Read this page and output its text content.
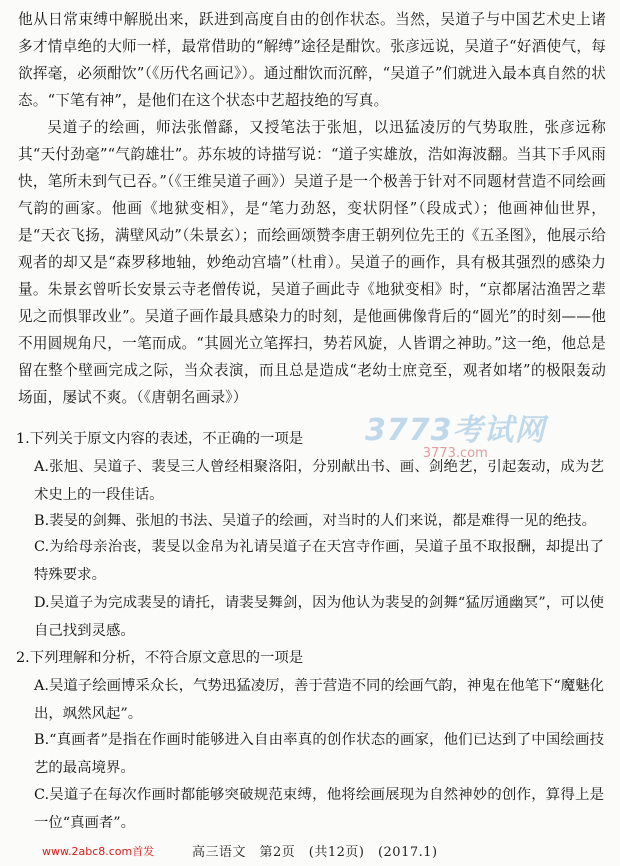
他从日常束缚中解脱出来，跃进到高度自由的创作状态。当然，吴道子与中国艺术史上诸多才情卓绝的大师一样，最常借助的“解缚”途径是酣饮。张彦远说，吴道子“好酒使气，每欲挥毫，必须酣饮”（《历代名画记》）。通过酣饮而沉醉，“吴道子”们就进入最本真自然的状态。“下笔有神”，是他们在这个状态中艺超技绝的写真。

吴道子的绘画，师法张僧繇，又授笔法于张旭，以迅猛凌厉的气势取胜，张彦远称其“天付劲毫”“气韵雄壮”。苏东坡的诗描写说：“道子实雄放，浩如海波翻。当其下手风雨快，笔所未到气已吞。”（《王维吴道子画》）吴道子是一个极善于针对不同题材营造不同绘画气韵的画家。他画《地狱变相》，是“笔力劲怒，变状阴怪”（段成式）；他画神仙世界，是“天衣飞扬，满壁风动”（朱景玄）；而绘画颂赞李唐王朝列位先王的《五圣图》，他展示给观者的却又是“森罗移地轴，妙绝动宫墙”（杜甫）。吴道子的画作，具有极其强烈的感染力量。朱景玄曾听长安景云寺老僧传说，吴道子画此寺《地狱变相》时，“京都屠沽渔罟之辈见之而惧罪改业”。吴道子画作最具感染力的时刻，是他画佛像背后的“圆光”的时刻——他不用圆规角尺，一笔而成。“其圆光立笔挥扫，势若风旋，人皆谓之神助。”这一绝，他总是留在整个壁画完成之际，当众表演，而且总是造成“老幼士庶竞至，观者如堵”的极限轰动场面，屡试不爽。（《唐朝名画录》）

3773考试网
3773.com

1.下列关于原文内容的表述，不正确的一项是

A.张旭、吴道子、裴旻三人曾经相聚洛阳，分别献出书、画、剑绝艺，引起轰动，成为艺术史上的一段佳话。

B.裴旻的剑舞、张旭的书法、吴道子的绘画，对当时的人们来说，都是难得一见的绝技。

C.为给母亲治丧，裴旻以金帛为礼请吴道子在天宫寺作画，吴道子虽不取报酬，却提出了特殊要求。

D.吴道子为完成裴旻的请托，请裴旻舞剑，因为他认为裴旻的剑舞“猛厉通幽冥”，可以使自己找到灵感。

2.下列理解和分析，不符合原文意思的一项是

A.吴道子绘画博采众长，气势迅猛凌厉，善于营造不同的绘画气韵，神鬼在他笔下“魔魅化出，飒然风起”。

B.“真画者”是指在作画时能够进入自由率真的创作状态的画家，他们已达到了中国绘画技艺的最高境界。

C.吴道子在每次作画时都能够突破规范束缚，他将绘画展现为自然神妙的创作，算得上是一位“真画者”。

www.2abc8.com首发	高三语文　第2页　(共12页)　(2017.1)
